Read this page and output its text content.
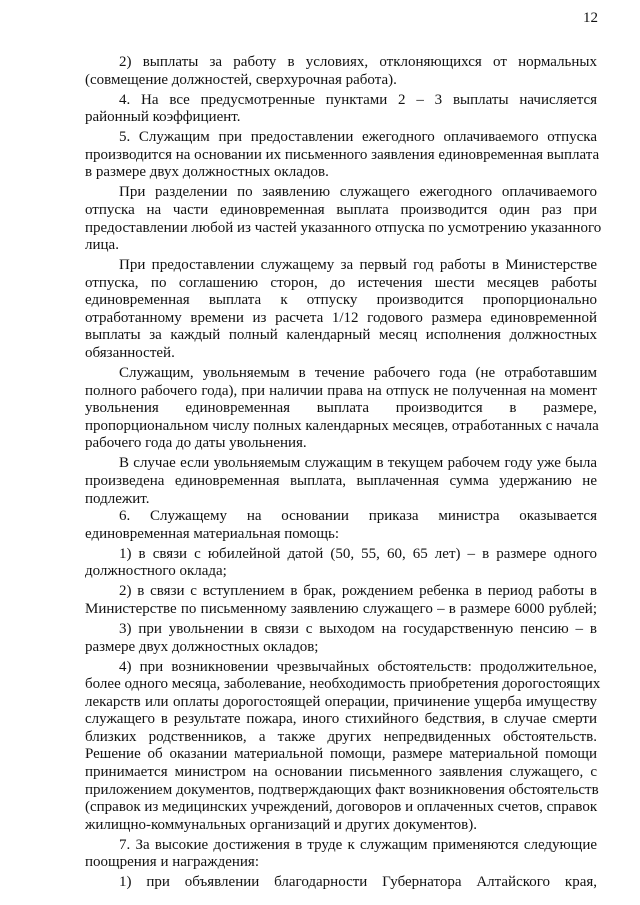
12
2) выплаты за работу в условиях, отклоняющихся от нормальных
(совмещение должностей, сверхурочная работа).
4. На все предусмотренные пунктами 2 – 3 выплаты начисляется
районный коэффициент.
5. Служащим при предоставлении ежегодного оплачиваемого отпуска
производится на основании их письменного заявления единовременная выплата
в размере двух должностных окладов.
При разделении по заявлению служащего ежегодного оплачиваемого
отпуска на части единовременная выплата производится один раз при
предоставлении любой из частей указанного отпуска по усмотрению указанного
лица.
При предоставлении служащему за первый год работы в Министерстве
отпуска, по соглашению сторон, до истечения шести месяцев работы
единовременная выплата к отпуску производится пропорционально
отработанному времени из расчета 1/12 годового размера единовременной
выплаты за каждый полный календарный месяц исполнения должностных
обязанностей.
Служащим, увольняемым в течение рабочего года (не отработавшим
полного рабочего года), при наличии права на отпуск не полученная на момент
увольнения единовременная выплата производится в размере,
пропорциональном числу полных календарных месяцев, отработанных с начала
рабочего года до даты увольнения.
В случае если увольняемым служащим в текущем рабочем году уже была
произведена единовременная выплата, выплаченная сумма удержанию не
подлежит.
6. Служащему на основании приказа министра оказывается
единовременная материальная помощь:
1) в связи с юбилейной датой (50, 55, 60, 65 лет) – в размере одного
должностного оклада;
2) в связи с вступлением в брак, рождением ребенка в период работы в
Министерстве по письменному заявлению служащего – в размере 6000 рублей;
3) при увольнении в связи с выходом на государственную пенсию – в
размере двух должностных окладов;
4) при возникновении чрезвычайных обстоятельств: продолжительное,
более одного месяца, заболевание, необходимость приобретения дорогостоящих
лекарств или оплаты дорогостоящей операции, причинение ущерба имуществу
служащего в результате пожара, иного стихийного бедствия, в случае смерти
близких родственников, а также других непредвиденных обстоятельств.
Решение об оказании материальной помощи, размере материальной помощи
принимается министром на основании письменного заявления служащего, с
приложением документов, подтверждающих факт возникновения обстоятельств
(справок из медицинских учреждений, договоров и оплаченных счетов, справок
жилищно-коммунальных организаций и других документов).
7. За высокие достижения в труде к служащим применяются следующие
поощрения и награждения:
1) при объявлении благодарности Губернатора Алтайского края,
